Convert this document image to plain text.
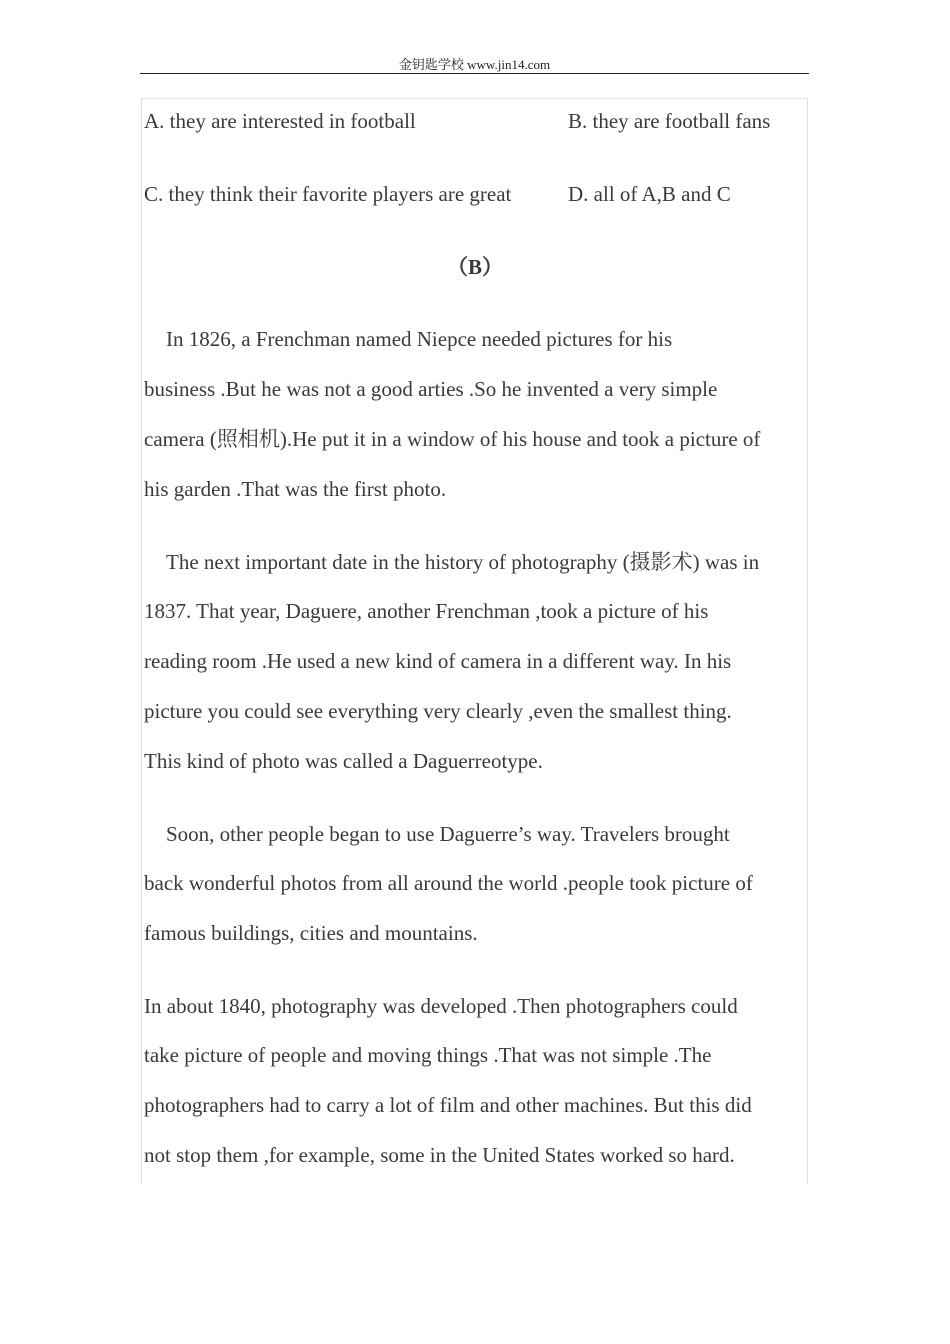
金钥匙学校 www.jin14.com
A. they are interested in football	B. they are football fans
C. they think their favorite players are great	D. all of A,B and C
（B）
In 1826, a Frenchman named Niepce needed pictures for his
business .But he was not a good arties .So he invented a very simple
camera (照相机).He put it in a window of his house and took a picture of
his garden .That was the first photo.
The next important date in the history of photography (摄影术) was in
1837. That year, Daguere, another Frenchman ,took a picture of his
reading room .He used a new kind of camera in a different way. In his
picture you could see everything very clearly ,even the smallest thing.
This kind of photo was called a Daguerreotype.
Soon, other people began to use Daguerre’s way. Travelers brought
back wonderful photos from all around the world .people took picture of
famous buildings, cities and mountains.
In about 1840, photography was developed .Then photographers could
take picture of people and moving things .That was not simple .The
photographers had to carry a lot of film and other machines. But this did
not stop them ,for example, some in the United States worked so hard.
